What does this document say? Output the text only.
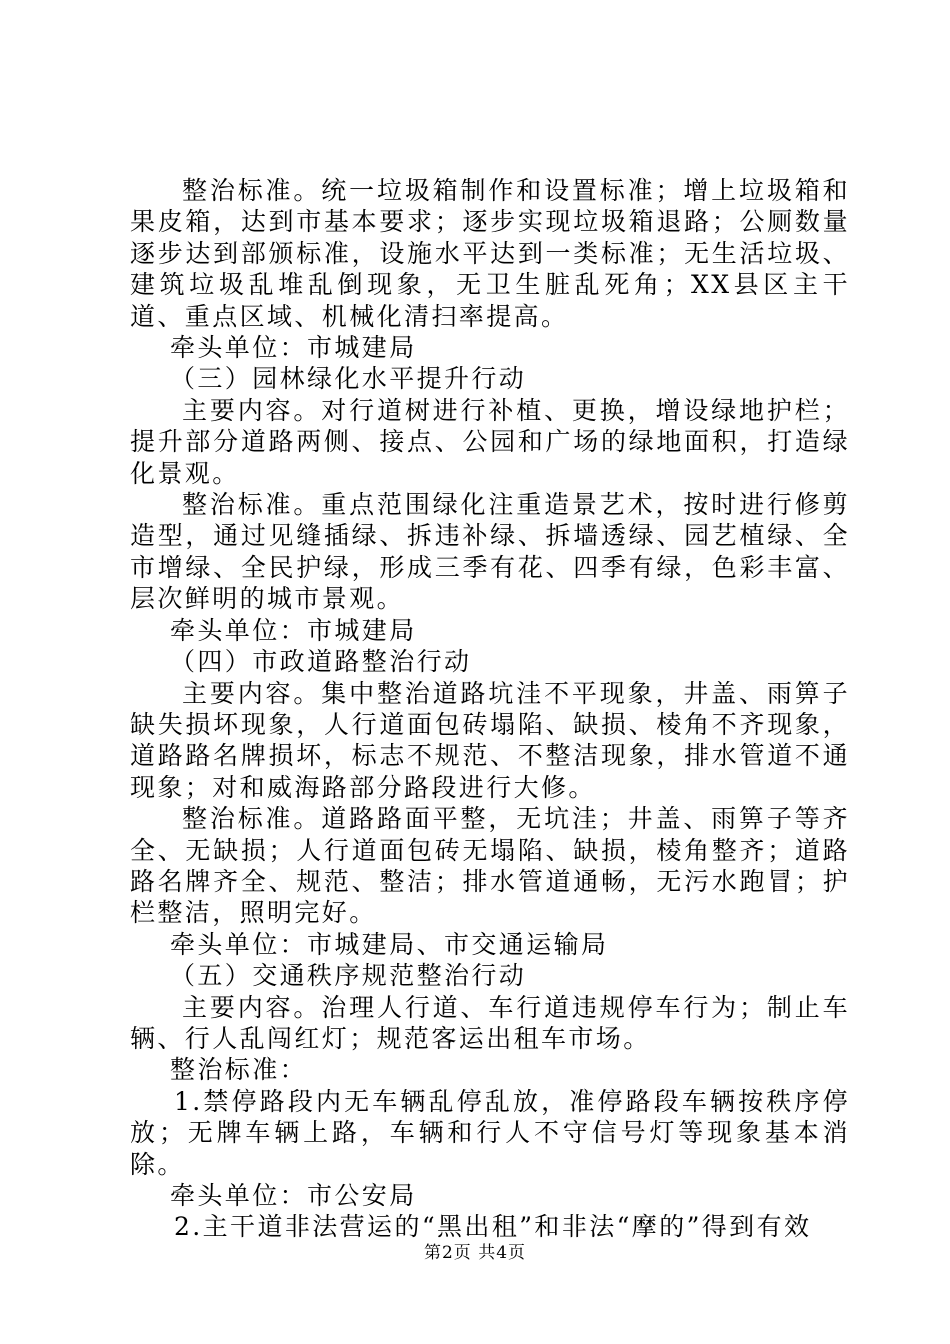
整治标准。统一垃圾箱制作和设置标准；增上垃圾箱和果皮箱，达到市基本要求；逐步实现垃圾箱退路；公厕数量逐步达到部颁标准，设施水平达到一类标准；无生活垃圾、建筑垃圾乱堆乱倒现象，无卫生脏乱死角；XX县区主干道、重点区域、机械化清扫率提高。

牵头单位：市城建局

（三）园林绿化水平提升行动

主要内容。对行道树进行补植、更换，增设绿地护栏；提升部分道路两侧、接点、公园和广场的绿地面积，打造绿化景观。

整治标准。重点范围绿化注重造景艺术，按时进行修剪造型，通过见缝插绿、拆违补绿、拆墙透绿、园艺植绿、全市增绿、全民护绿，形成三季有花、四季有绿，色彩丰富、层次鲜明的城市景观。

牵头单位：市城建局

（四）市政道路整治行动

主要内容。集中整治道路坑洼不平现象，井盖、雨箅子缺失损坏现象，人行道面包砖塌陷、缺损、棱角不齐现象，道路路名牌损坏，标志不规范、不整洁现象，排水管道不通现象；对和威海路部分路段进行大修。

整治标准。道路路面平整，无坑洼；井盖、雨箅子等齐全、无缺损；人行道面包砖无塌陷、缺损，棱角整齐；道路路名牌齐全、规范、整洁；排水管道通畅，无污水跑冒；护栏整洁，照明完好。

牵头单位：市城建局、市交通运输局

（五）交通秩序规范整治行动

主要内容。治理人行道、车行道违规停车行为；制止车辆、行人乱闯红灯；规范客运出租车市场。

整治标准：

1.禁停路段内无车辆乱停乱放，准停路段车辆按秩序停放；无牌车辆上路，车辆和行人不守信号灯等现象基本消除。

牵头单位：市公安局

2.主干道非法营运的“黑出租”和非法“摩的”得到有效

第2页 共4页
